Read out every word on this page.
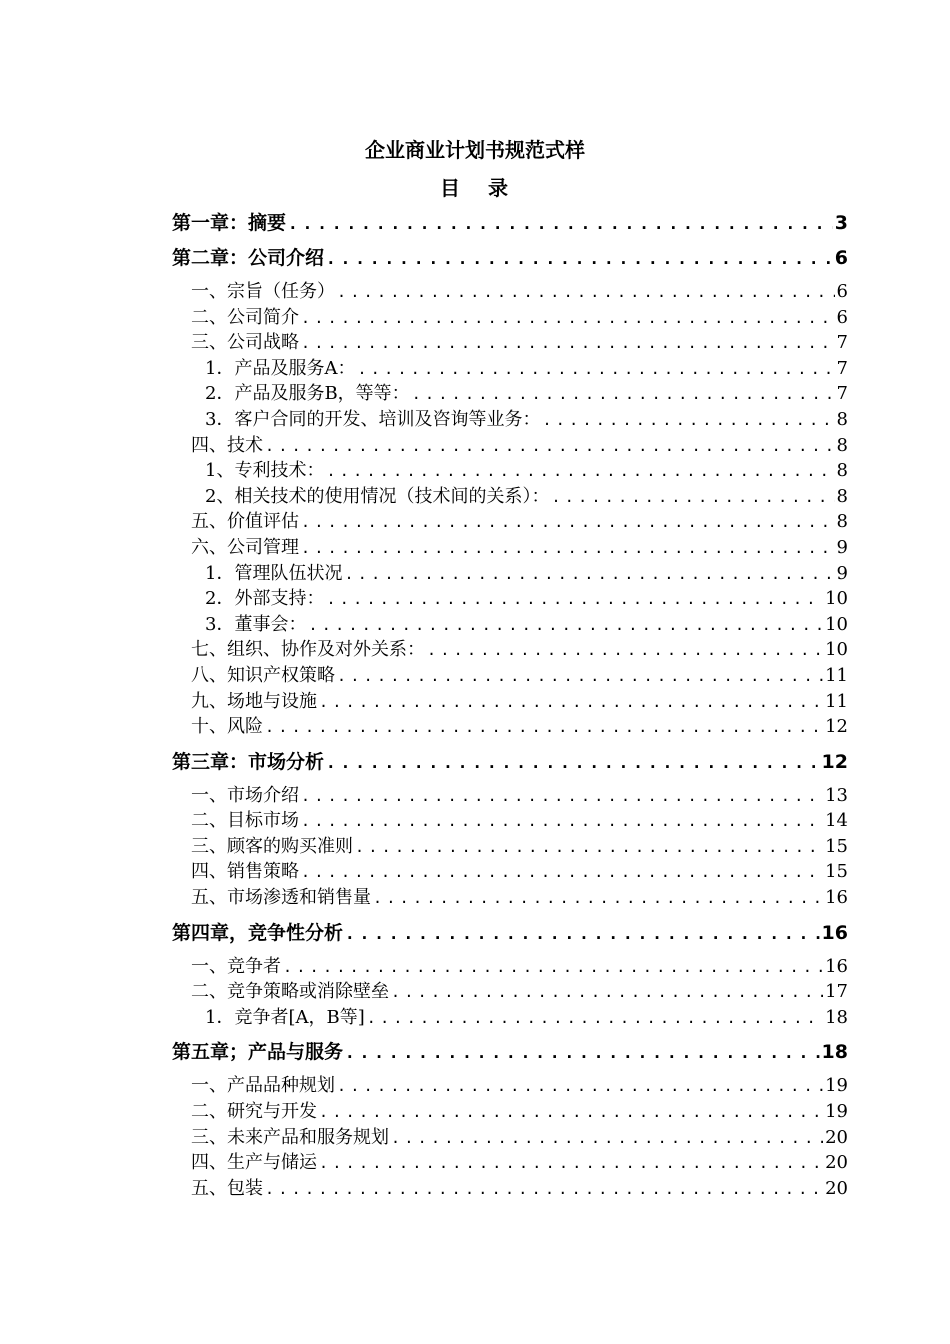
企业商业计划书规范式样
目 录
第一章：摘要 .....	3
第二章：公司介绍 .....	6
一、宗旨（任务） .....	6
二、公司简介 .....	6
三、公司战略 .....	7
1．产品及服务A： .....	7
2．产品及服务B，等等： .....	7
3．客户合同的开发、培训及咨询等业务： .....	8
四、技术 .....	8
1、专利技术： .....	8
2、相关技术的使用情况（技术间的关系）： .....	8
五、价值评估 .....	8
六、公司管理 .....	9
1．管理队伍状况 .....	9
2．外部支持： .....	10
3．董事会： .....	10
七、组织、协作及对外关系： .....	10
八、知识产权策略 .....	11
九、场地与设施 .....	11
十、风险 .....	12
第三章：市场分析 .....	12
一、市场介绍 .....	13
二、目标市场 .....	14
三、顾客的购买准则 .....	15
四、销售策略 .....	15
五、市场渗透和销售量 .....	16
第四章，竞争性分析 .....	16
一、竞争者 .....	16
二、竞争策略或消除壁垒 .....	17
1．竞争者[A，B等] .....	18
第五章；产品与服务 .....	18
一、产品品种规划 .....	19
二、研究与开发 .....	19
三、未来产品和服务规划 .....	20
四、生产与储运 .....	20
五、包装 .....	20
